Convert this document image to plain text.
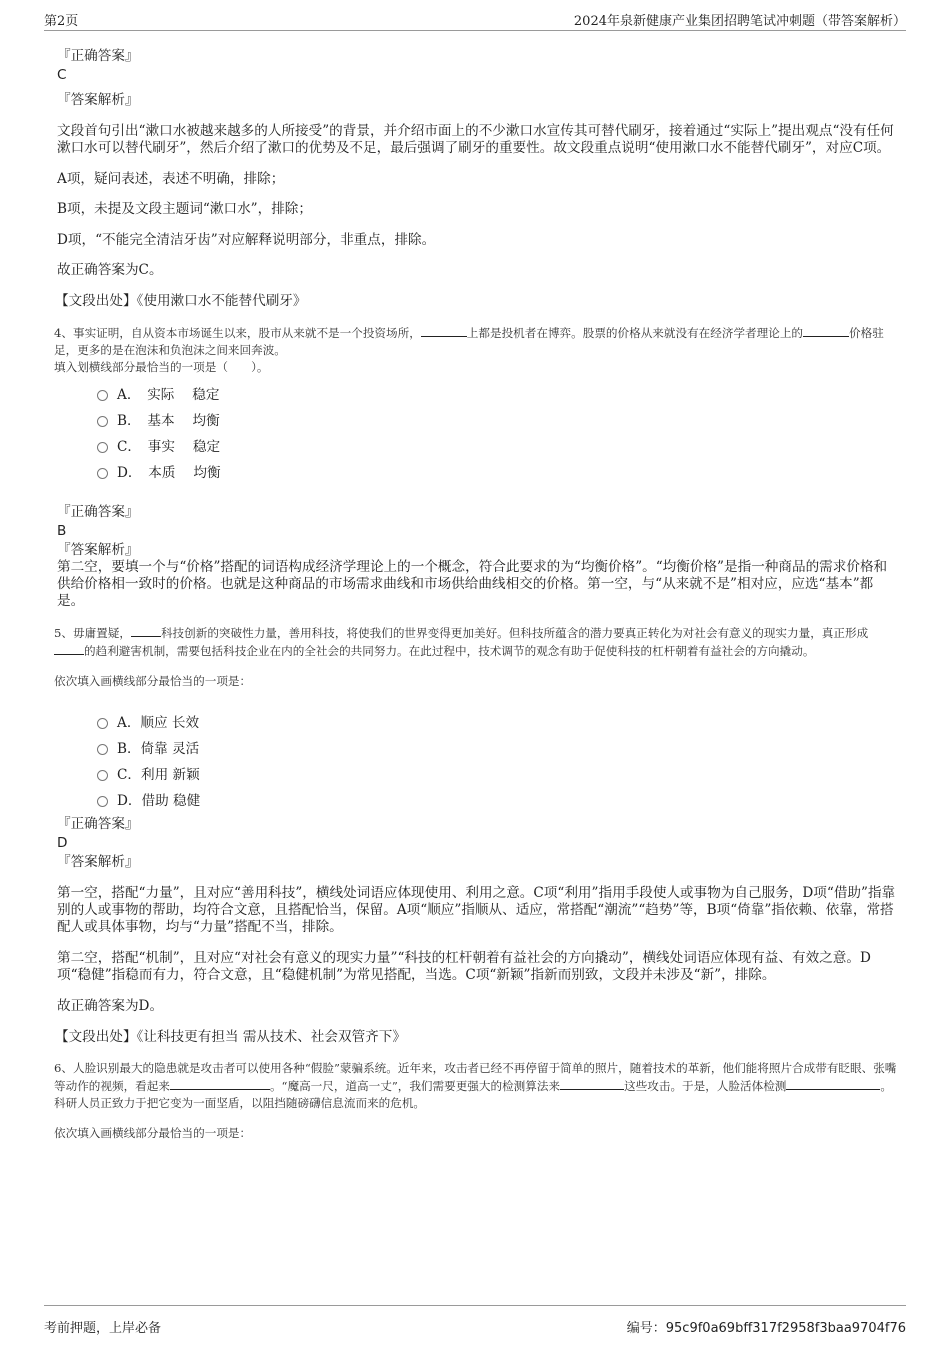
第2页	2024年泉新健康产业集团招聘笔试冲刺题（带答案解析）

『正确答案』

C

『答案解析』

文段首句引出“漱口水被越来越多的人所接受”的背景，并介绍市面上的不少漱口水宣传其可替代刷牙，接着通过“实际上”提出观点“没有任何漱口水可以替代刷牙”，然后介绍了漱口的优势及不足，最后强调了刷牙的重要性。故文段重点说明“使用漱口水不能替代刷牙”，对应C项。

A项，疑问表述，表述不明确，排除；

B项，未提及文段主题词“漱口水”，排除；

D项，“不能完全清洁牙齿”对应解释说明部分，非重点，排除。

故正确答案为C。

【文段出处】《使用漱口水不能替代刷牙》

4、事实证明，自从资本市场诞生以来，股市从来就不是一个投资场所，	上都是投机者在博弈。股票的价格从来就没有在经济学者理论上的	价格驻足，更多的是在泡沫和负泡沫之间来回奔波。

填入划横线部分最恰当的一项是（　　）。

A．　实际　 稳定
B．　基本　 均衡
C．　事实　 稳定
D．　本质　 均衡

『正确答案』

B

『答案解析』

第二空，要填一个与“价格”搭配的词语构成经济学理论上的一个概念，符合此要求的为“均衡价格”。“均衡价格”是指一种商品的需求价格和供给价格相一致时的价格。也就是这种商品的市场需求曲线和市场供给曲线相交的价格。第一空，与“从来就不是”相对应，应选“基本”都是。

5、毋庸置疑，	科技创新的突破性力量，善用科技，将使我们的世界变得更加美好。但科技所蕴含的潜力要真正转化为对社会有意义的现实力量，真正形成的趋利避害机制，需要包括科技企业在内的全社会的共同努力。在此过程中，技术调节的观念有助于促使科技的杠杆朝着有益社会的方向撬动。

依次填入画横线部分最恰当的一项是：

A．顺应 长效
B．倚靠 灵活
C．利用 新颖
D．借助 稳健

『正确答案』

D

『答案解析』

第一空，搭配“力量”，且对应“善用科技”，横线处词语应体现使用、利用之意。C项“利用”指用手段使人或事物为自己服务，D项“借助”指靠别的人或事物的帮助，均符合文意，且搭配恰当，保留。A项“顺应”指顺从、适应，常搭配“潮流”“趋势”等，B项“倚靠”指依赖、依靠，常搭配人或具体事物，均与“力量”搭配不当，排除。

第二空，搭配“机制”，且对应“对社会有意义的现实力量”“科技的杠杆朝着有益社会的方向撬动”，横线处词语应体现有益、有效之意。D项“稳健”指稳而有力，符合文意，且“稳健机制”为常见搭配，当选。C项“新颖”指新而别致，文段并未涉及“新”，排除。

故正确答案为D。

【文段出处】《让科技更有担当 需从技术、社会双管齐下》

6、人脸识别最大的隐患就是攻击者可以使用各种“假脸”蒙骗系统。近年来，攻击者已经不再停留于简单的照片，随着技术的革新，他们能将照片合成带有眨眼、张嘴等动作的视频，看起来	。“魔高一尺，道高一丈”，我们需要更强大的检测算法来	这些攻击。于是，人脸活体检测	。科研人员正致力于把它变为一面坚盾，以阻挡随磅礴信息流而来的危机。

依次填入画横线部分最恰当的一项是：

考前押题，上岸必备	编号：95c9f0a69bff317f2958f3baa9704f76
